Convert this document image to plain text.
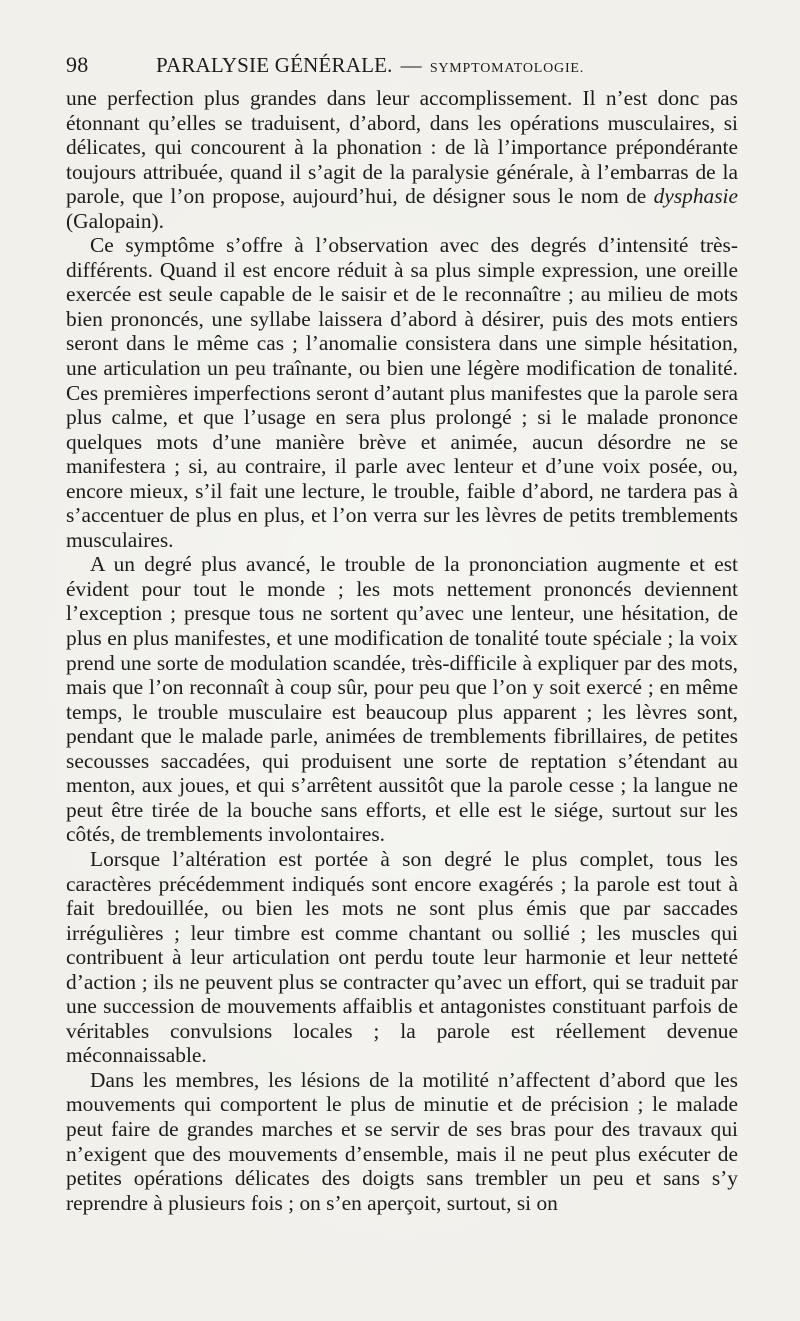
98	PARALYSIE GÉNÉRALE. — SYMPTOMATOLOGIE.

une perfection plus grandes dans leur accomplissement. Il n’est donc pas étonnant qu’elles se traduisent, d’abord, dans les opérations musculaires, si délicates, qui concourent à la phonation : de là l’importance prépondérante toujours attribuée, quand il s’agit de la paralysie générale, à l’embarras de la parole, que l’on propose, aujourd’hui, de désigner sous le nom de dysphasie (Galopain).

Ce symptôme s’offre à l’observation avec des degrés d’intensité très-différents. Quand il est encore réduit à sa plus simple expression, une oreille exercée est seule capable de le saisir et de le reconnaître ; au milieu de mots bien prononcés, une syllabe laissera d’abord à désirer, puis des mots entiers seront dans le même cas ; l’anomalie consistera dans une simple hésitation, une articulation un peu traînante, ou bien une légère modification de tonalité. Ces premières imperfections seront d’autant plus manifestes que la parole sera plus calme, et que l’usage en sera plus prolongé ; si le malade prononce quelques mots d’une manière brève et animée, aucun désordre ne se manifestera ; si, au contraire, il parle avec lenteur et d’une voix posée, ou, encore mieux, s’il fait une lecture, le trouble, faible d’abord, ne tardera pas à s’accentuer de plus en plus, et l’on verra sur les lèvres de petits tremblements musculaires.

A un degré plus avancé, le trouble de la prononciation augmente et est évident pour tout le monde ; les mots nettement prononcés deviennent l’exception ; presque tous ne sortent qu’avec une lenteur, une hésitation, de plus en plus manifestes, et une modification de tonalité toute spéciale ; la voix prend une sorte de modulation scandée, très-difficile à expliquer par des mots, mais que l’on reconnaît à coup sûr, pour peu que l’on y soit exercé ; en même temps, le trouble musculaire est beaucoup plus apparent ; les lèvres sont, pendant que le malade parle, animées de tremblements fibrillaires, de petites secousses saccadées, qui produisent une sorte de reptation s’étendant au menton, aux joues, et qui s’arrêtent aussitôt que la parole cesse ; la langue ne peut être tirée de la bouche sans efforts, et elle est le siége, surtout sur les côtés, de tremblements involontaires.

Lorsque l’altération est portée à son degré le plus complet, tous les caractères précédemment indiqués sont encore exagérés ; la parole est tout à fait bredouillée, ou bien les mots ne sont plus émis que par saccades irrégulières ; leur timbre est comme chantant ou sollié ; les muscles qui contribuent à leur articulation ont perdu toute leur harmonie et leur netteté d’action ; ils ne peuvent plus se contracter qu’avec un effort, qui se traduit par une succession de mouvements affaiblis et antagonistes constituant parfois de véritables convulsions locales ; la parole est réellement devenue méconnaissable.

Dans les membres, les lésions de la motilité n’affectent d’abord que les mouvements qui comportent le plus de minutie et de précision ; le malade peut faire de grandes marches et se servir de ses bras pour des travaux qui n’exigent que des mouvements d’ensemble, mais il ne peut plus exécuter de petites opérations délicates des doigts sans trembler un peu et sans s’y reprendre à plusieurs fois ; on s’en aperçoit, surtout, si on
